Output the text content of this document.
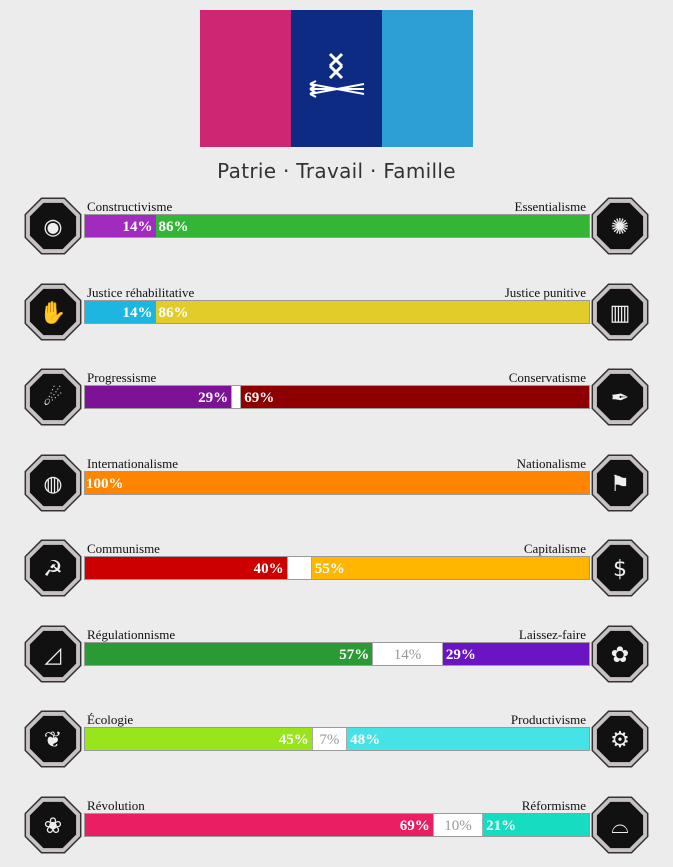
Patrie · Travail · Famille
Constructivisme	Essentialisme
14% 86%
◉	✺
Justice réhabilitative	Justice punitive
14% 86%
✋	▥
Progressisme	Conservatisme
29% 69%
☄	✒
Internationalisme	Nationalisme
100%
◍	⚑
Communisme	Capitalisme
40% 55%
☭	$
Régulationnisme	Laissez-faire
57%	14%	29%
◿	✿
Écologie	Productivisme
45% 7% 48%
❦	⚙
Révolution	Réformisme
69% 10% 21%
❀	⌓
